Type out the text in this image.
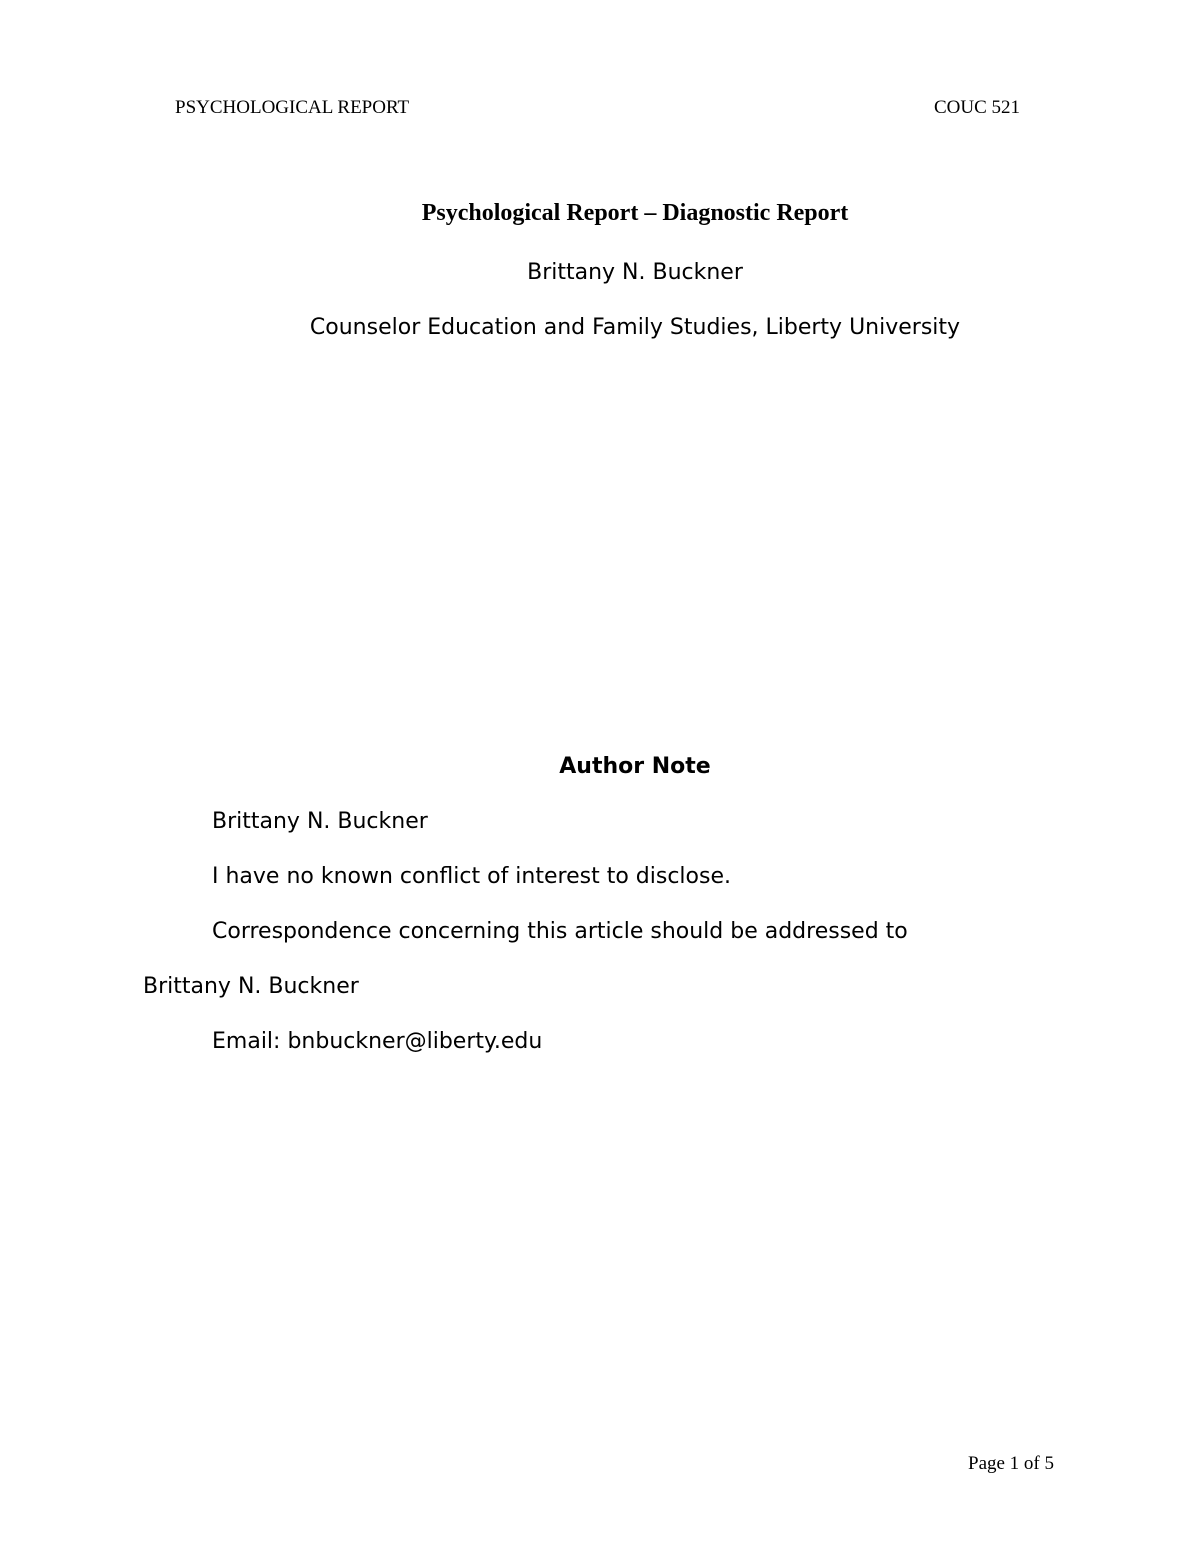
PSYCHOLOGICAL REPORT	COUC 521
Psychological Report – Diagnostic Report
Brittany N. Buckner
Counselor Education and Family Studies, Liberty University
Author Note
Brittany N. Buckner
I have no known conflict of interest to disclose.
Correspondence concerning this article should be addressed to
Brittany N. Buckner
Email: bnbuckner@liberty.edu
Page 1 of 5
